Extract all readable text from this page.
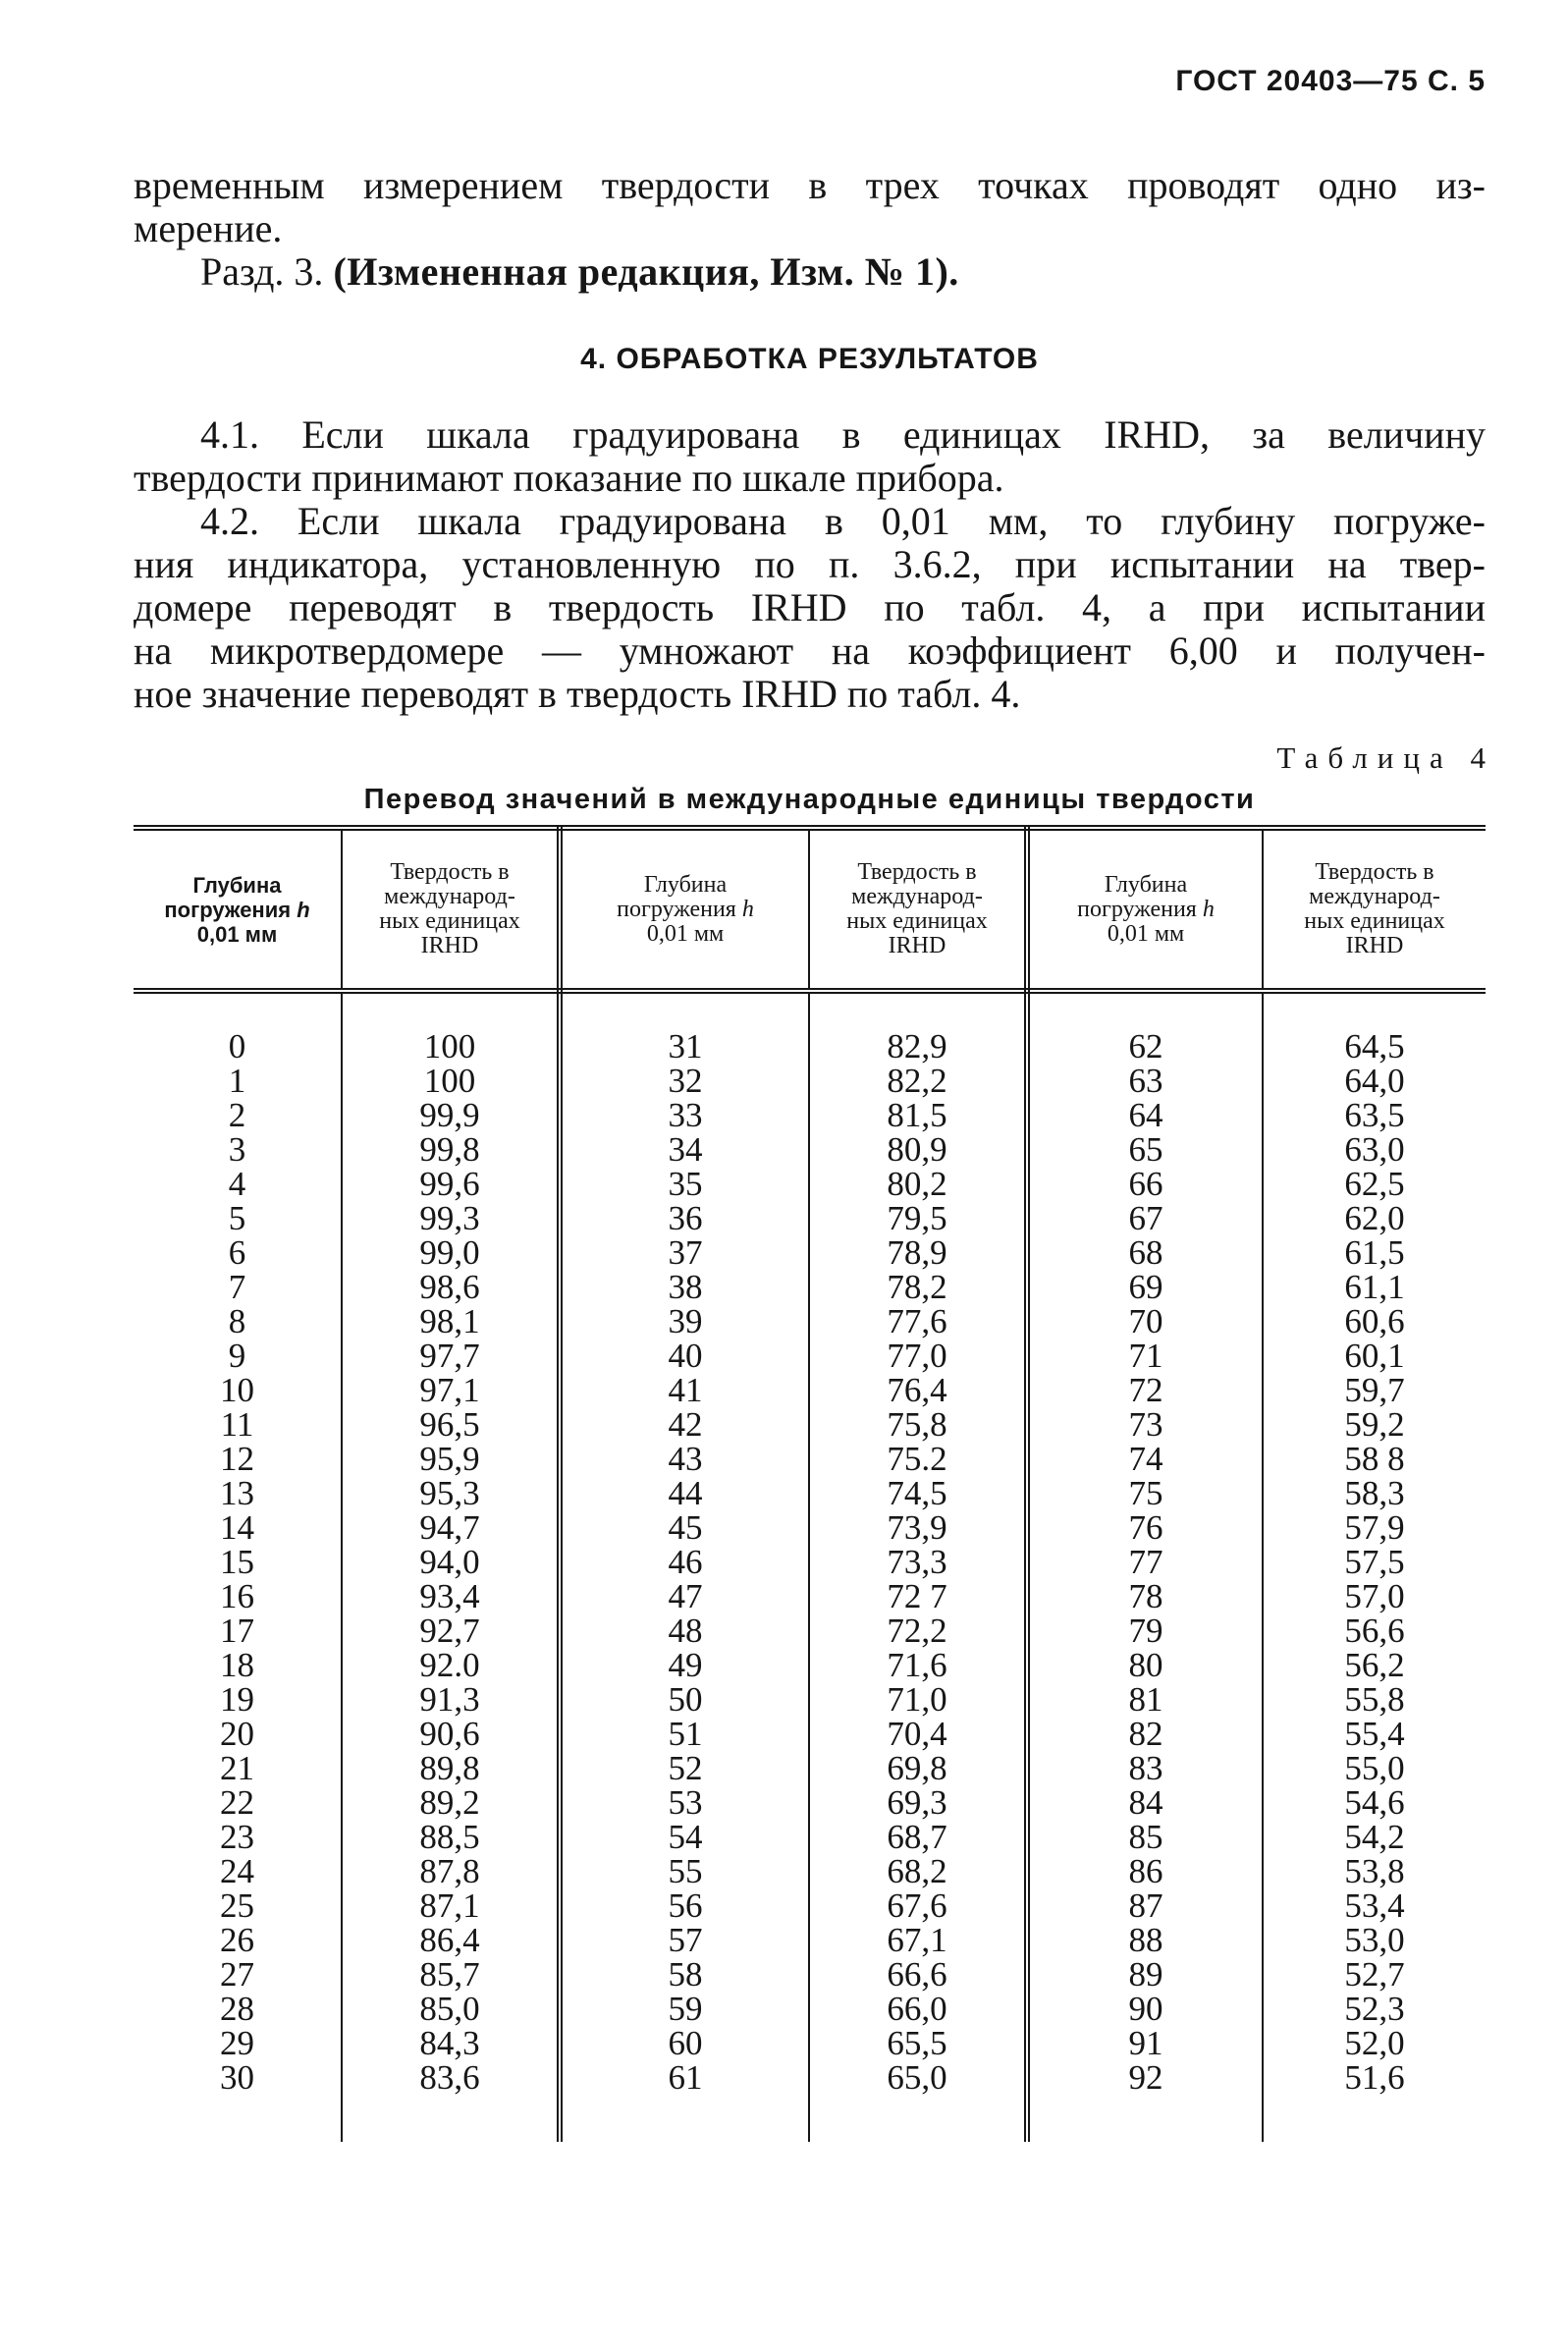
ГОСТ 20403—75 С. 5
временным измерением твердости в трех точках проводят одно из-
мерение.
Разд. 3. (Измененная редакция, Изм. № 1).
4. ОБРАБОТКА РЕЗУЛЬТАТОВ
4.1. Если шкала градуирована в единицах IRHD, за величину
твердости принимают показание по шкале прибора.
4.2. Если шкала градуирована в 0,01 мм, то глубину погруже-
ния индикатора, установленную по п. 3.6.2, при испытании на твер-
домере переводят в твердость IRHD по табл. 4, а при испытании
на микротвердомере — умножают на коэффициент 6,00 и получен-
ное значение переводят в твердость IRHD по табл. 4.
Таблица 4
Перевод значений в международные единицы твердости
Глубина
погружения h
0,01 мм	Твердость в
международ-
ных единицах
IRHD	Глубина
погружения h
0,01 мм	Твердость в
международ-
ных единицах
IRHD	Глубина
погружения h
0,01 мм	Твердость в
международ-
ных единицах
IRHD

0	100	31	82,9	62	64,5
1	100	32	82,2	63	64,0
2	99,9	33	81,5	64	63,5
3	99,8	34	80,9	65	63,0
4	99,6	35	80,2	66	62,5
5	99,3	36	79,5	67	62,0
6	99,0	37	78,9	68	61,5
7	98,6	38	78,2	69	61,1
8	98,1	39	77,6	70	60,6
9	97,7	40	77,0	71	60,1
10	97,1	41	76,4	72	59,7
11	96,5	42	75,8	73	59,2
12	95,9	43	75.2	74	58 8
13	95,3	44	74,5	75	58,3
14	94,7	45	73,9	76	57,9
15	94,0	46	73,3	77	57,5
16	93,4	47	72 7	78	57,0
17	92,7	48	72,2	79	56,6
18	92.0	49	71,6	80	56,2
19	91,3	50	71,0	81	55,8
20	90,6	51	70,4	82	55,4
21	89,8	52	69,8	83	55,0
22	89,2	53	69,3	84	54,6
23	88,5	54	68,7	85	54,2
24	87,8	55	68,2	86	53,8
25	87,1	56	67,6	87	53,4
26	86,4	57	67,1	88	53,0
27	85,7	58	66,6	89	52,7
28	85,0	59	66,0	90	52,3
29	84,3	60	65,5	91	52,0
30	83,6	61	65,0	92	51,6
